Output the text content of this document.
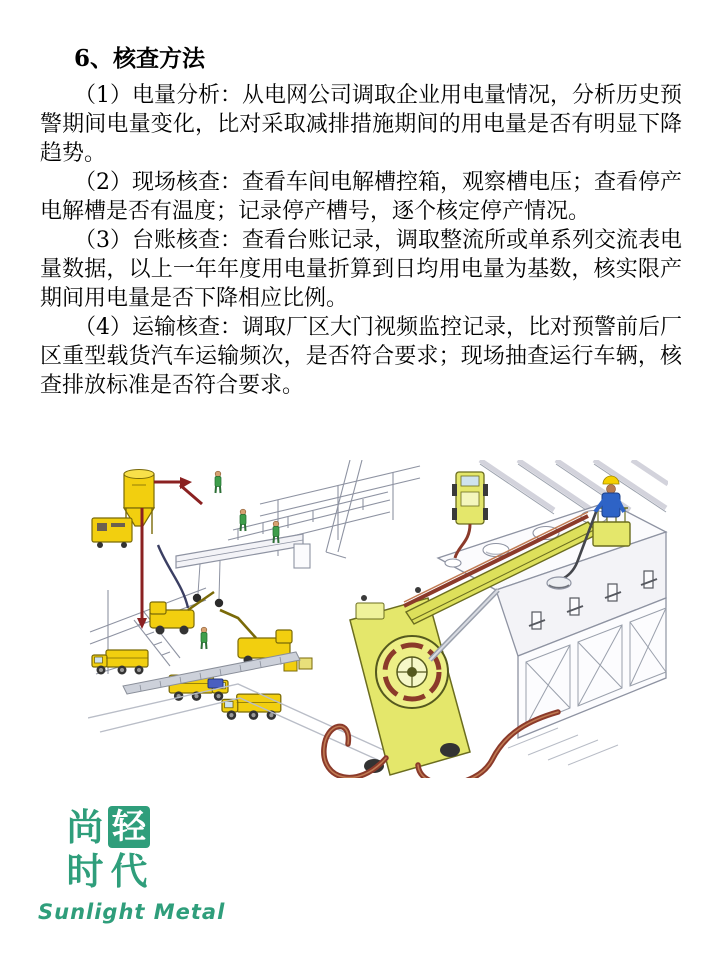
6、核查方法

（1）电量分析：从电网公司调取企业用电量情况，分析历史预警期间电量变化，比对采取减排措施期间的用电量是否有明显下降趋势。

（2）现场核查：查看车间电解槽控箱，观察槽电压；查看停产电解槽是否有温度；记录停产槽号，逐个核定停产情况。

（3）台账核查：查看台账记录，调取整流所或单系列交流表电量数据，以上一年年度用电量折算到日均用电量为基数，核实限产期间用电量是否下降相应比例。

（4）运输核查：调取厂区大门视频监控记录，比对预警前后厂区重型载货汽车运输频次，是否符合要求；现场抽查运行车辆，核查排放标准是否符合要求。

尚 轻
时 代
Sunlight Metal
